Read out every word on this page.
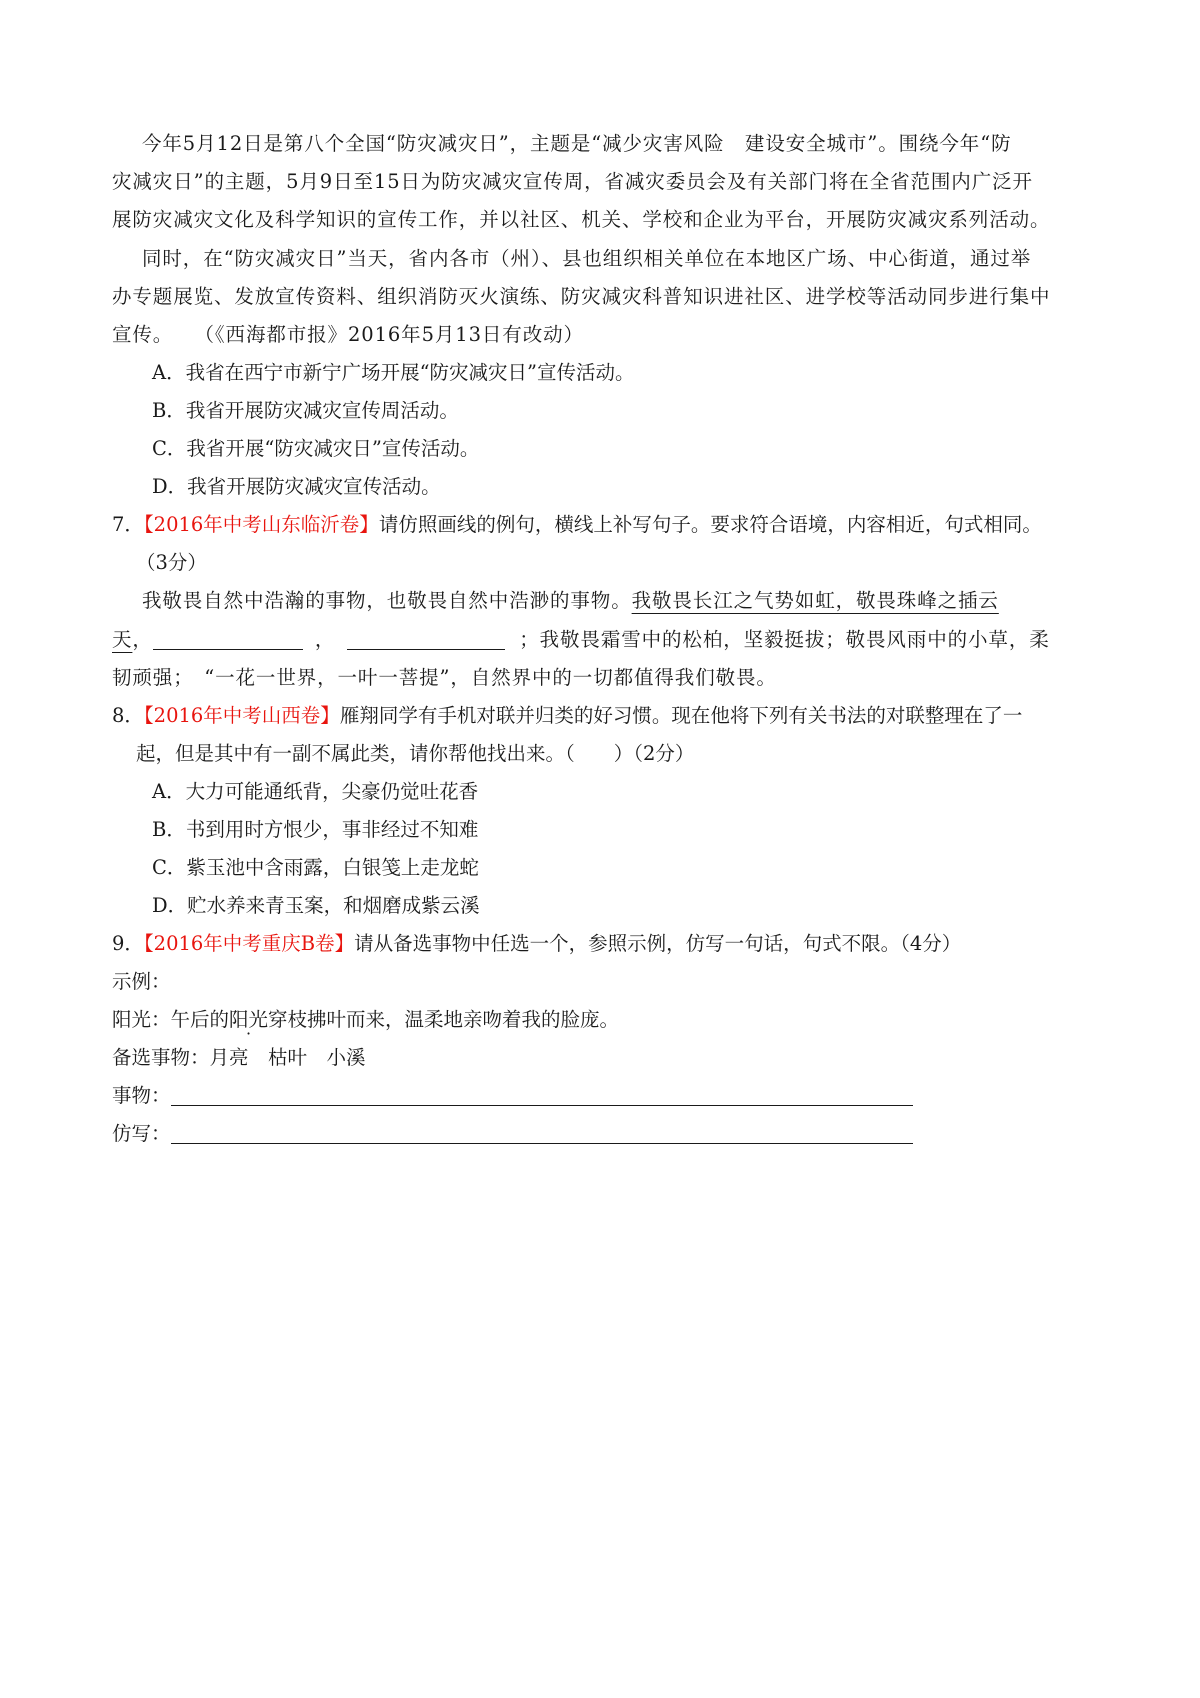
今年5月12日是第八个全国“防灾减灾日”，主题是“减少灾害风险　建设安全城市”。围绕今年“防
灾减灾日”的主题，5月9日至15日为防灾减灾宣传周，省减灾委员会及有关部门将在全省范围内广泛开
展防灾减灾文化及科学知识的宣传工作，并以社区、机关、学校和企业为平台，开展防灾减灾系列活动。
同时，在“防灾减灾日”当天，省内各市（州）、县也组织相关单位在本地区广场、中心街道，通过举
办专题展览、发放宣传资料、组织消防灭火演练、防灾减灾科普知识进社区、进学校等活动同步进行集中
宣传。　　（《西海都市报》2016年5月13日有改动）
A．我省在西宁市新宁广场开展“防灾减灾日”宣传活动。
B．我省开展防灾减灾宣传周活动。
C．我省开展“防灾减灾日”宣传活动。
D．我省开展防灾减灾宣传活动。
7．【2016年中考山东临沂卷】请仿照画线的例句，横线上补写句子。要求符合语境，内容相近，句式相同。
（3分）
我敬畏自然中浩瀚的事物，也敬畏自然中浩渺的事物。我敬畏长江之气势如虹，敬畏珠峰之插云
天，	，	；我敬畏霜雪中的松柏，坚毅挺拔；敬畏风雨中的小草，柔
韧顽强；　“一花一世界，一叶一菩提”，自然界中的一切都值得我们敬畏。
8．【2016年中考山西卷】雁翔同学有手机对联并归类的好习惯。现在他将下列有关书法的对联整理在了一
起，但是其中有一副不属此类，请你帮他找出来。（　　）（2分）
A．大力可能通纸背，尖豪仍觉吐花香
B．书到用时方恨少，事非经过不知难
C．紫玉池中含雨露，白银笺上走龙蛇
D．贮水养来青玉案，和烟磨成紫云溪
9．【2016年中考重庆B卷】请从备选事物中任选一个，参照示例，仿写一句话，句式不限。（4分）
示例：
阳光：午后的阳光穿枝拂叶而来，温柔地亲吻着我的脸庞。
备选事物：月亮　枯叶　小溪
事物：
仿写：
